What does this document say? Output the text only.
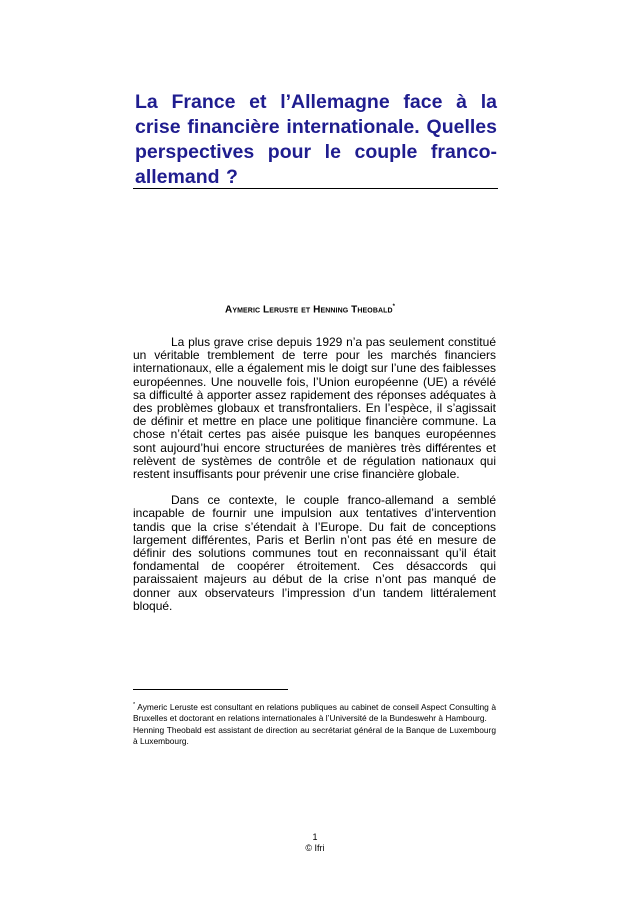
La France et l’Allemagne face à la crise financière internationale. Quelles perspectives pour le couple franco-allemand ?
Aymeric Leruste et Henning Theobald*

La plus grave crise depuis 1929 n’a pas seulement constitué un véritable tremblement de terre pour les marchés financiers internationaux, elle a également mis le doigt sur l’une des faiblesses européennes. Une nouvelle fois, l’Union européenne (UE) a révélé sa difficulté à apporter assez rapidement des réponses adéquates à des problèmes globaux et transfrontaliers. En l’espèce, il s’agissait de définir et mettre en place une politique financière commune. La chose n’était certes pas aisée puisque les banques européennes sont aujourd’hui encore structurées de manières très différentes et relèvent de systèmes de contrôle et de régulation nationaux qui restent insuffisants pour prévenir une crise financière globale.

Dans ce contexte, le couple franco-allemand a semblé incapable de fournir une impulsion aux tentatives d’intervention tandis que la crise s’étendait à l’Europe. Du fait de conceptions largement différentes, Paris et Berlin n’ont pas été en mesure de définir des solutions communes tout en reconnaissant qu’il était fondamental de coopérer étroitement. Ces désaccords qui paraissaient majeurs au début de la crise n’ont pas manqué de donner aux observateurs l’impression d’un tandem littéralement bloqué.

* Aymeric Leruste est consultant en relations publiques au cabinet de conseil Aspect Consulting à Bruxelles et doctorant en relations internationales à l’Université de la Bundeswehr à Hambourg.

Henning Theobald est assistant de direction au secrétariat général de la Banque de Luxembourg à Luxembourg.

1
© Ifri
